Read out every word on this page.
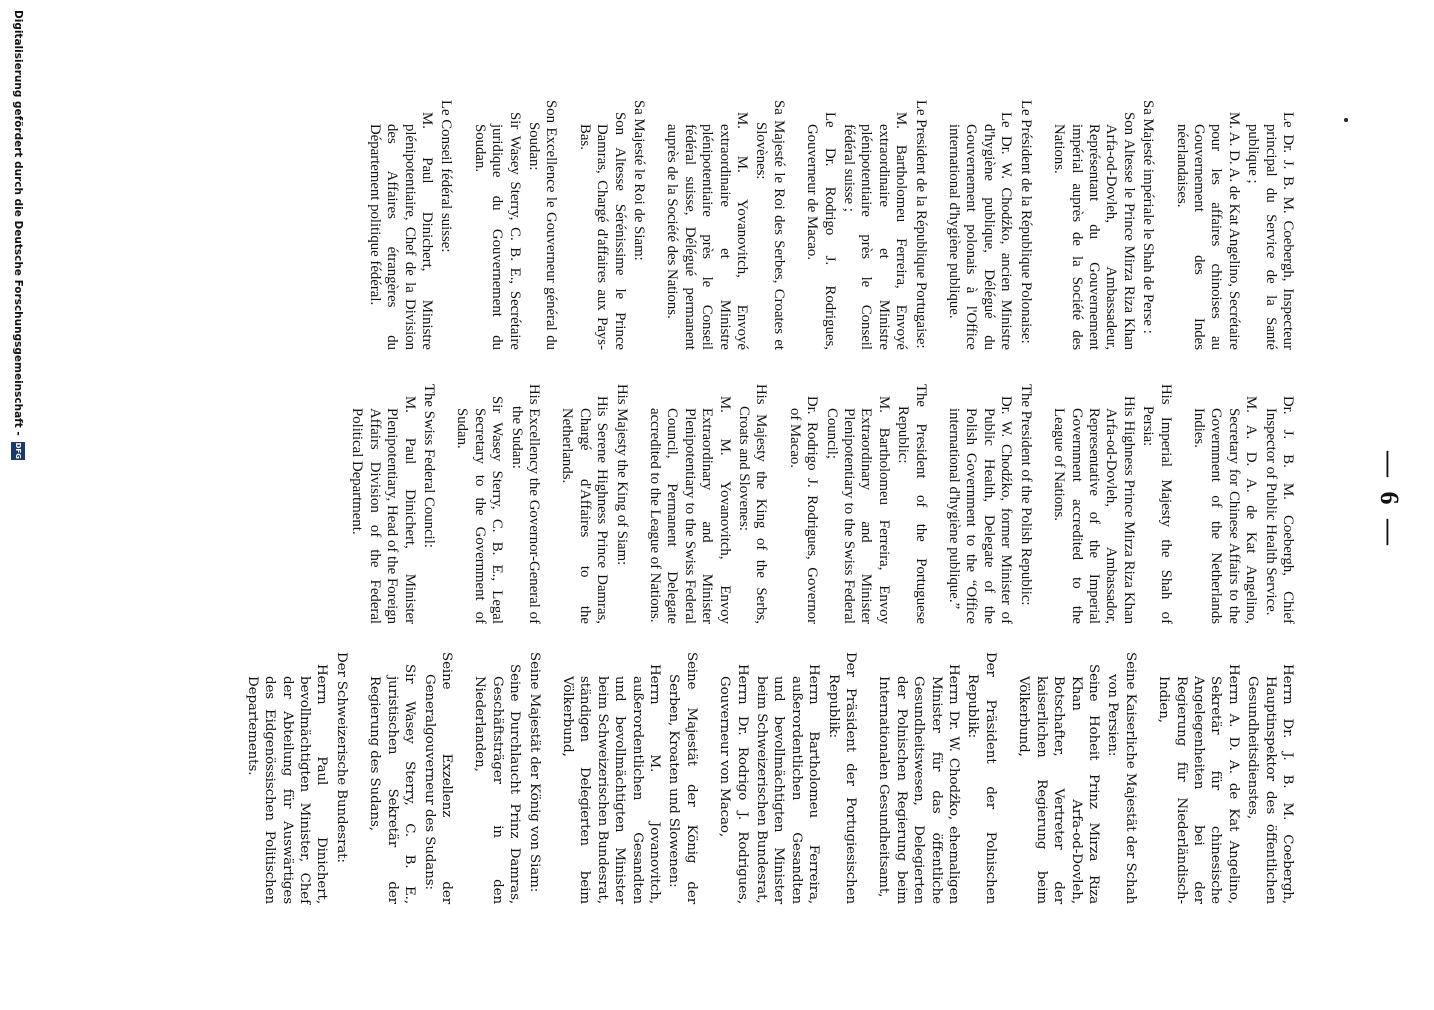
— 6 —

Le Dr. J. B. M. Coebergh, Inspecteur principal du Service de la Santé publique ;

M. A. D. A. de Kat Angelino, Secrétaire pour les affaires chinoises au Gouvernement des Indes néerlandaises.

Sa Majesté impériale le Shah de Perse :

Son Altesse le Prince Mirza Riza Khan Arfa-od-Dovleh, Ambassadeur, Représentant du Gouvernement impérial auprès de la Société des Nations.

Le Président de la République Polonaise:

Le Dr. W. Chodźko, ancien Ministre d'hygiène publique, Délégué du Gouvernement polonais à l'Office international d'hygiène publique.

Le President de la République Portugaise:

M. Bartholomeu Ferreira, Envoyé extraordinaire et Ministre plénipotentiaire près le Conseil fédéral suisse ;

Le Dr. Rodrigo J. Rodrigues, Gouverneur de Macao.

Sa Majesté le Roi des Serbes, Croates et Slovènes:

M. M. Yovanovitch, Envoyé extraordinaire et Ministre plénipotentiaire près le Conseil fédéral suisse, Délégué permanent auprès de la Société des Nations.

Sa Majesté le Roi de Siam:

Son Altesse Sérénissime le Prince Damras, Chargé d'affaires aux Pays-Bas.

Son Excellence le Gouverneur général du Soudan:

Sir Wasey Sterry, C. B. E., Secrétaire juridique du Gouvernement du Soudan.

Le Conseil fédéral suisse:

M. Paul Dinichert, Ministre plénipotentiaire, Chef de la Division des Affaires étrangères du Département politique fédéral.

Dr. J. B. M. Coebergh, Chief Inspector of Public Health Service.

M. A. D. A. de Kat Angelino, Secretary for Chinese Affairs to the Government of the Netherlands Indies.

His Imperial Majesty the Shah of Persia:

His Highness Prince Mirza Riza Khan Arfa-od-Dovleh, Ambassador, Representative of the Imperial Government accredited to the League of Nations.

The President of the Polish Republic:

Dr. W. Chodźko, former Minister of Public Health, Delegate of the Polish Government to the “Office international d'hygiène publique.”

The President of the Portuguese Republic:

M. Bartholomeu Ferreira, Envoy Extraordinary and Minister Plenipotentiary to the Swiss Federal Council;

Dr. Rodrigo J. Rodrigues, Governor of Macao.

His Majesty the King of the Serbs, Croats and Slovenes:

M. M. Yovanovitch, Envoy Extraordinary and Minister Plenipotentiary to the Swiss Federal Council, Permanent Delegate accredited to the League of Nations.

His Majesty the King of Siam:

His Serene Highness Prince Damras, Chargé d'Affaires to the Netherlands.

His Excellency the Governor-General of the Sudan:

Sir Wasey Sterry, C. B. E., Legal Secretary to the Government of Sudan.

The Swiss Federal Council:

M. Paul Dinichert, Minister Plenipotentiary, Head of the Foreign Affairs Division of the Federal Political Department.

Herrn Dr. J. B. M. Coebergh, Hauptinspektor des öffentlichen Gesundheitsdienstes,

Herrn A. D. A. de Kat Angelino, Sekretär für chinesische Angelegenheiten bei der Regierung für Niederländisch-Indien,

Seine Kaiserliche Majestät der Schah von Persien:

Seine Hoheit Prinz Mirza Riza Khan Arfa-od-Dovleh, Botschafter, Vertreter der kaiserlichen Regierung beim Völkerbund,

Der Präsident der Polnischen Republik:

Herrn Dr. W. Chodźko, ehemaligen Minister für das öffentliche Gesundheitswesen, Delegierten der Polnischen Regierung beim Internationalen Gesundheitsamt,

Der Präsident der Portugiesischen Republik:

Herrn Bartholomeu Ferreira, außerordentlichen Gesandten und bevollmächtigten Minister beim Schweizerischen Bundesrat,

Herrn Dr. Rodrigo J. Rodrigues, Gouverneur von Macao,

Seine Majestät der König der Serben, Kroaten und Slowenen:

Herrn M. Jovanovitch, außerordentlichen Gesandten und bevollmächtigten Minister beim Schweizerischen Bundesrat, ständigen Delegierten beim Völkerbund,

Seine Majestät der König von Siam:

Seine Durchlaucht Prinz Damras, Geschäftsträger in den Niederlanden,

Seine Exzellenz der Generalgouverneur des Sudans:

Sir Wasey Sterry, C. B. E., juristischen Sekretär der Regierung des Sudans,

Der Schweizerische Bundesrat:

Herrn Paul Dinichert, bevollmächtigten Minister, Chef der Abteilung für Auswärtiges des Eidgenössischen Politischen Departements.

Digitalisierung gefördert durch die Deutsche Forschungsgemeinschaft -
DFG
